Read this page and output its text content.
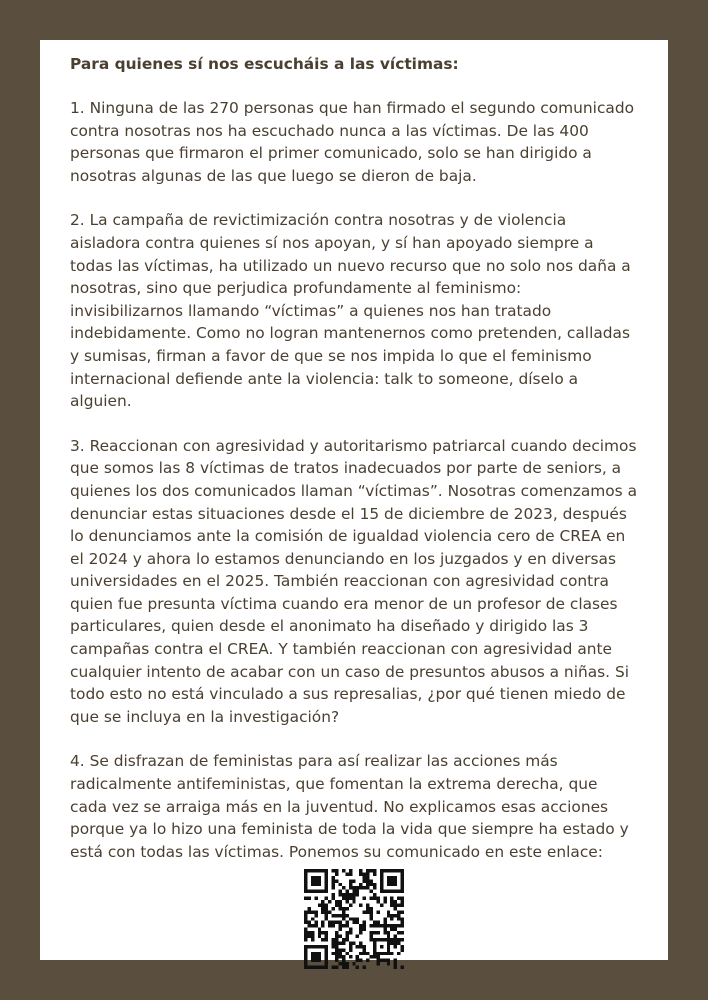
Para quienes sí nos escucháis a las víctimas:

1. Ninguna de las 270 personas que han firmado el segundo comunicado contra nosotras nos ha escuchado nunca a las víctimas. De las 400 personas que firmaron el primer comunicado, solo se han dirigido a nosotras algunas de las que luego se dieron de baja.

2. La campaña de revictimización contra nosotras y de violencia aisladora contra quienes sí nos apoyan, y sí han apoyado siempre a todas las víctimas, ha utilizado un nuevo recurso que no solo nos daña a nosotras, sino que perjudica profundamente al feminismo: invisibilizarnos llamando “víctimas” a quienes nos han tratado indebidamente. Como no logran mantenernos como pretenden, calladas y sumisas, firman a favor de que se nos impida lo que el feminismo internacional defiende ante la violencia: talk to someone, díselo a alguien.

3. Reaccionan con agresividad y autoritarismo patriarcal cuando decimos que somos las 8 víctimas de tratos inadecuados por parte de seniors, a quienes los dos comunicados llaman “víctimas”. Nosotras comenzamos a denunciar estas situaciones desde el 15 de diciembre de 2023, después lo denunciamos ante la comisión de igualdad violencia cero de CREA en el 2024 y ahora lo estamos denunciando en los juzgados y en diversas universidades en el 2025. También reaccionan con agresividad contra quien fue presunta víctima cuando era menor de un profesor de clases particulares, quien desde el anonimato ha diseñado y dirigido las 3 campañas contra el CREA. Y también reaccionan con agresividad ante cualquier intento de acabar con un caso de presuntos abusos a niñas. Si todo esto no está vinculado a sus represalias, ¿por qué tienen miedo de que se incluya en la investigación?

4. Se disfrazan de feministas para así realizar las acciones más radicalmente antifeministas, que fomentan la extrema derecha, que cada vez se arraiga más en la juventud. No explicamos esas acciones porque ya lo hizo una feminista de toda la vida que siempre ha estado y está con todas las víctimas. Ponemos su comunicado en este enlace:
